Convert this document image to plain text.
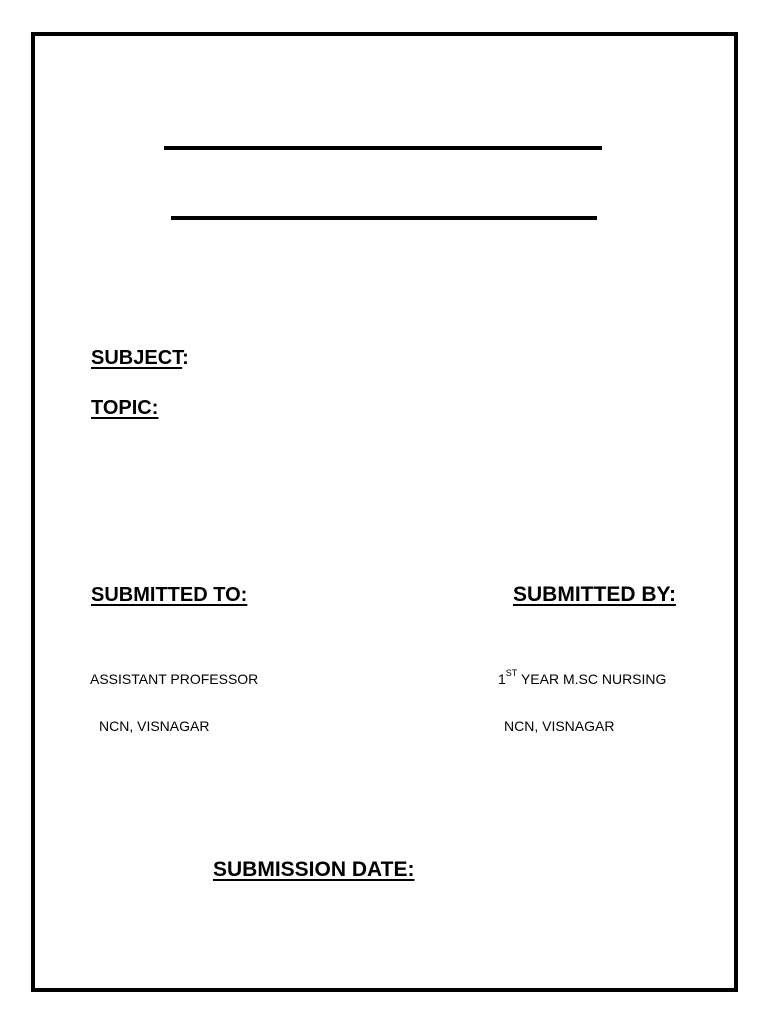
SUBJECT:
TOPIC:
SUBMITTED TO:	SUBMITTED BY:
ASSISTANT PROFESSOR
NCN, VISNAGAR
1ST YEAR M.SC NURSING
NCN, VISNAGAR
SUBMISSION DATE:
